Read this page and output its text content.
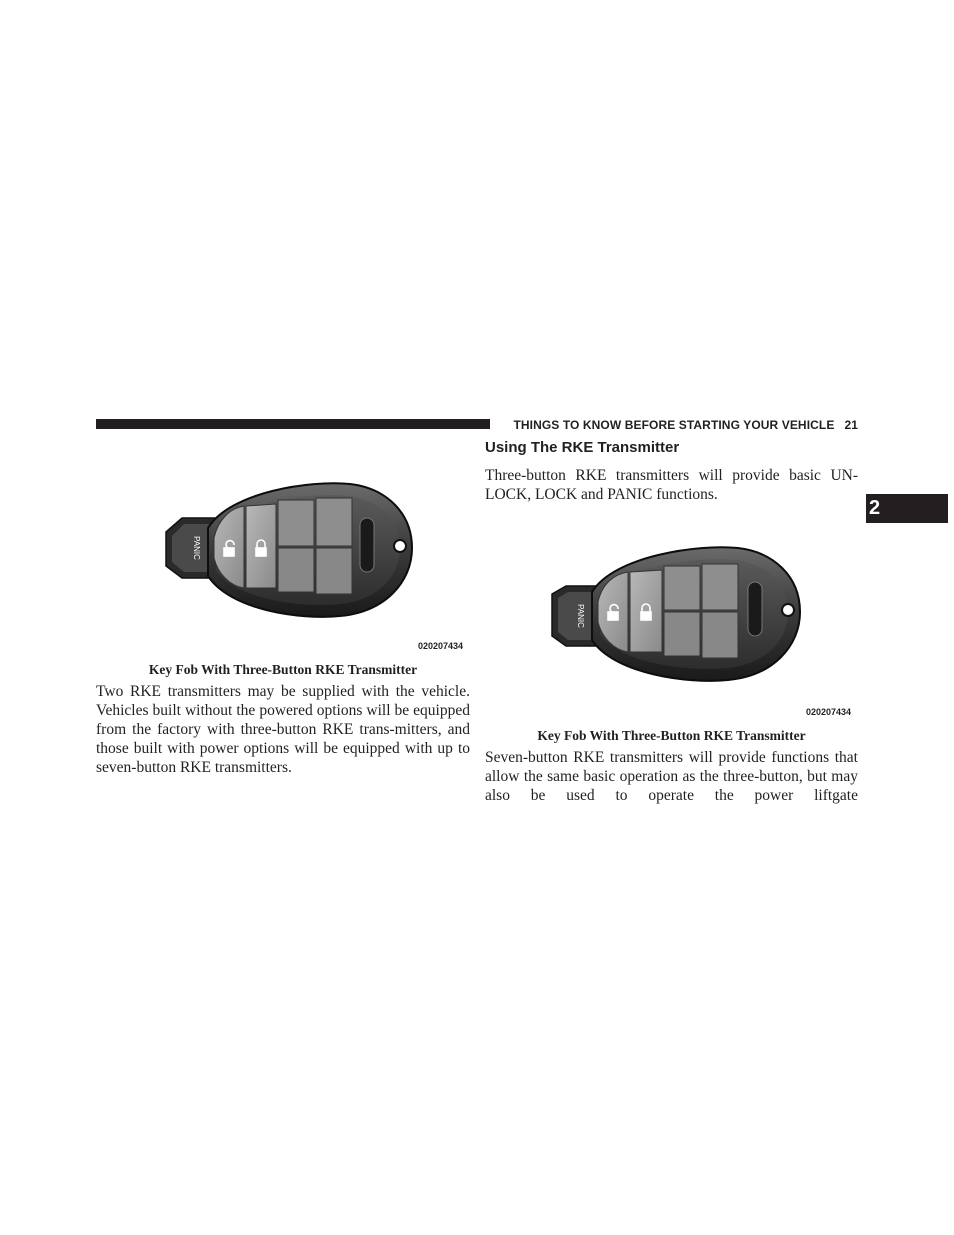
THINGS TO KNOW BEFORE STARTING YOUR VEHICLE 21
2
PANIC
020207434
Key Fob With Three-Button RKE Transmitter

Two RKE transmitters may be supplied with the vehicle. Vehicles built without the powered options will be equipped from the factory with three-button RKE trans-mitters, and those built with power options will be equipped with up to seven-button RKE transmitters.

Using The RKE Transmitter

Three-button RKE transmitters will provide basic UN-LOCK, LOCK and PANIC functions.

PANIC
020207434
Key Fob With Three-Button RKE Transmitter

Seven-button RKE transmitters will provide functions that allow the same basic operation as the three-button, but may also be used to operate the power liftgate
